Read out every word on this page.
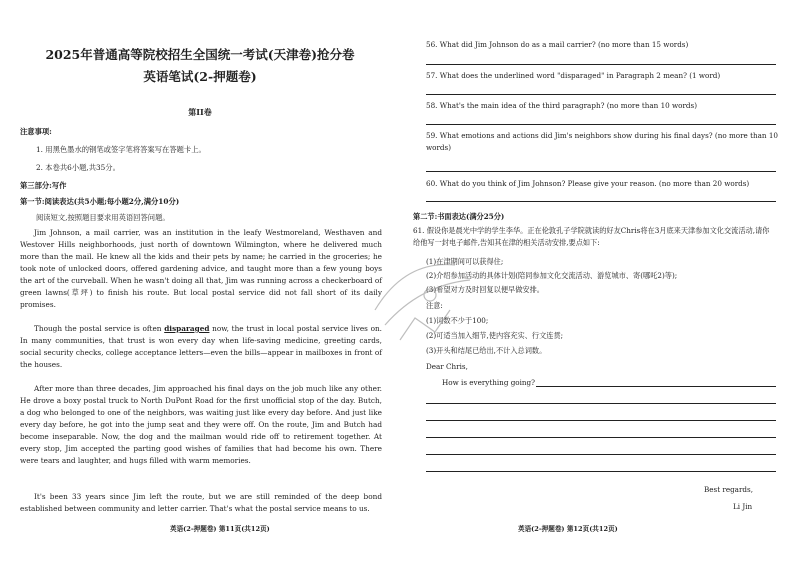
2025年普通高等院校招生全国统一考试(天津卷)抢分卷
英语笔试(2-押题卷)
第II卷
注意事项:
1. 用黑色墨水的钢笔或签字笔将答案写在答题卡上。
2. 本卷共6小题,共35分。
第三部分:写作
第一节:阅读表达(共5小题;每小题2分,满分10分)
阅读短文,按照题目要求用英语回答问题。
Jim Johnson, a mail carrier, was an institution in the leafy Westmoreland, Westhaven and Westover Hills neighborhoods, just north of downtown Wilmington, where he delivered much more than the mail. He knew all the kids and their pets by name; he carried in the groceries; he took note of unlocked doors, offered gardening advice, and taught more than a few young boys the art of the curveball. When he wasn't doing all that, Jim was running across a checkerboard of green lawns(草坪) to finish his route. But local postal service did not fall short of its daily promises.
Though the postal service is often disparaged now, the trust in local postal service lives on. In many communities, that trust is won every day when life-saving medicine, greeting cards, social security checks, college acceptance letters—even the bills—appear in mailboxes in front of the houses.
After more than three decades, Jim approached his final days on the job much like any other. He drove a boxy postal truck to North DuPont Road for the first unofficial stop of the day. Butch, a dog who belonged to one of the neighbors, was waiting just like every day before. And just like every day before, he got into the jump seat and they were off. On the route, Jim and Butch had become inseparable. Now, the dog and the mailman would ride off to retirement together. At every stop, Jim accepted the parting good wishes of families that had become his own. There were tears and laughter, and hugs filled with warm memories.
It's been 33 years since Jim left the route, but we are still reminded of the deep bond established between community and letter carrier. That's what the postal service means to us.
英语(2-押题卷) 第11页(共12页)	英语(2-押题卷) 第12页(共12页)
56. What did Jim Johnson do as a mail carrier? (no more than 15 words)
57. What does the underlined word "disparaged" in Paragraph 2 mean? (1 word)
58. What's the main idea of the third paragraph? (no more than 10 words)
59. What emotions and actions did Jim's neighbors show during his final days? (no more than 10 words)
60. What do you think of Jim Johnson? Please give your reason. (no more than 20 words)
第二节:书面表达(满分25分)
61. 假设你是晨光中学的学生李华。正在伦敦孔子学院就读的好友Chris将在3月底来天津参加文化交流活动,请你给他写一封电子邮件,告知其在津的相关活动安排,要点如下:
(1)在津期间可以获得住;
(2)介绍参加活动的具体计划(陪同参加文化交流活动、游览城市、寄(哪吒2)等);
(3)希望对方及时回复以便早做安排。
注意:
(1)词数不少于100;
(2)可适当加入细节,使内容充实、行文连贯;
(3)开头和结尾已给出,不计入总词数。
Dear Chris,
How is everything going?
Best regards,
Li Jin
